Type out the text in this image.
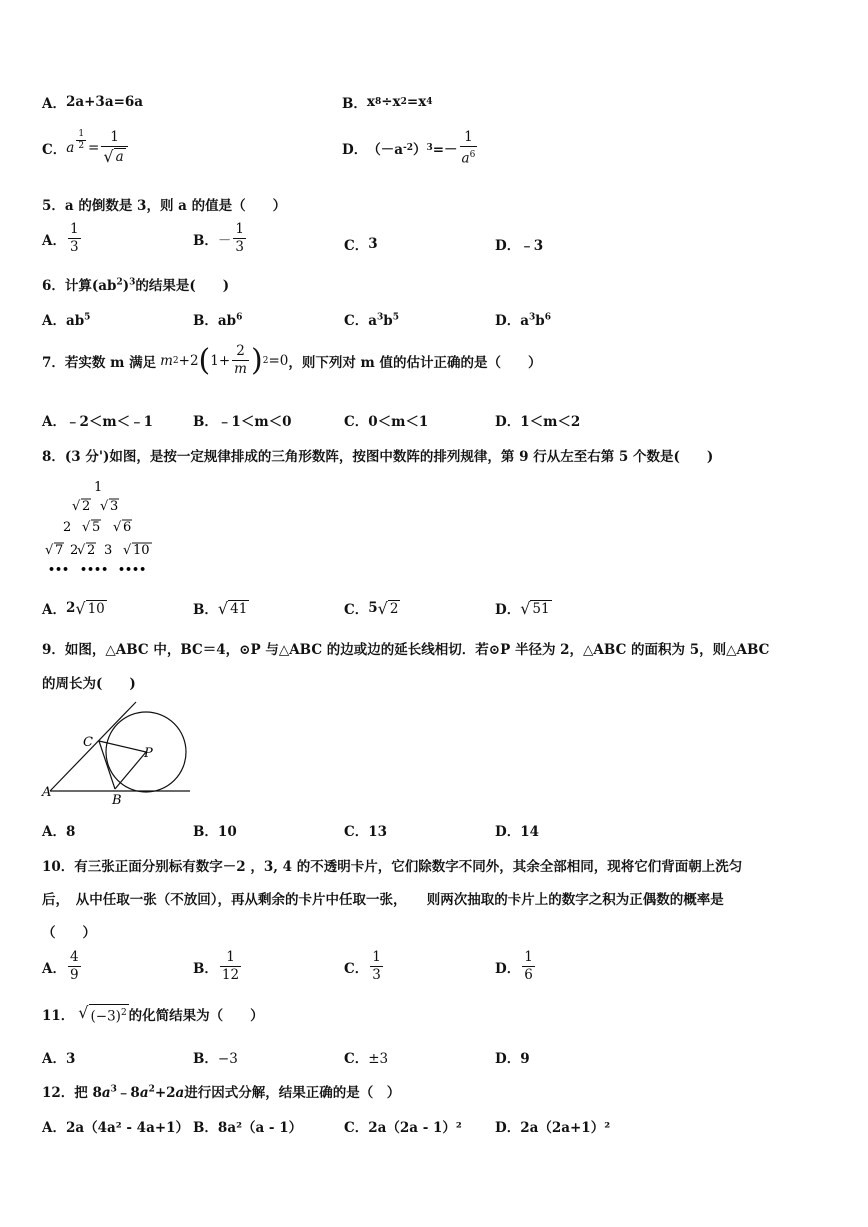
A． 2a+3a=6a	B． x 8 ÷x 2 =x 4
C． a $\frac{1}{2} = \frac{1}{√ a}$	D． （－a -2 ） $3 =- \frac{1}{a^6}$
5．a 的倒数是 3，则 a 的值是（　　）
A． $\frac{1}{3}$	B． － $\frac{1}{3}$	C． 3	D． ﹣3
6．计算$(ab^2)^3$的结果是(　　)
A．$ab^5$	B．$ab^6$	C．$a^3b^5$	D．$a^3b^6$
7． 若实数 m 满足 m 2 +2 ( $1+ \frac{2}{m}$ ) 2 =0 ，则下列对 m 值的估计正确的是（　　）
A．﹣2＜m＜﹣1	B．﹣1＜m＜0	C．0＜m＜1	D．1＜m＜2
8．(3 分')如图，是按一定规律排成的三角形数阵，按图中数阵的排列规律，第 9 行从左至右第 5 个数是(　　)
1
√ 2 √ 3
2 √ 5 √ 6
√ 7 2
√ 2 3 √ 10
••• •••• ••••
A． 2 √ 10	B． √ 41	C． 5 √ 2	D． √ 51
9．如图，△ABC 中，BC＝4，⊙P 与△ABC 的边或边的延长线相切．若⊙P 半径为 2，△ABC 的面积为 5，则△ABC
的周长为(　　)
C
P
A
B
A．8	B．10	C．13	D．14
10．有三张正面分别标有数字－2 ，3, 4 的不透明卡片，它们除数字不同外，其余全部相同，现将它们背面朝上洗匀
后，　从中任取一张（不放回），再从剩余的卡片中任取一张，　　则两次抽取的卡片上的数字之积为正偶数的概率是
（　　）
A． $\frac{4}{9}$	B． $\frac{1}{12}$	C． $\frac{1}{3}$	D． $\frac{1}{6}$
11． √ $(-3)^2$ 的化简结果为（　　）
A．3	B．−3	C．±3	D．9
12．把 $8a^3﹣8a^2+2a$进行因式分解，结果正确的是（　）
A．2a（4a² - 4a+1） B．8a²（a - 1）	C．2a（2a - 1）² D．2a（2a+1）²
